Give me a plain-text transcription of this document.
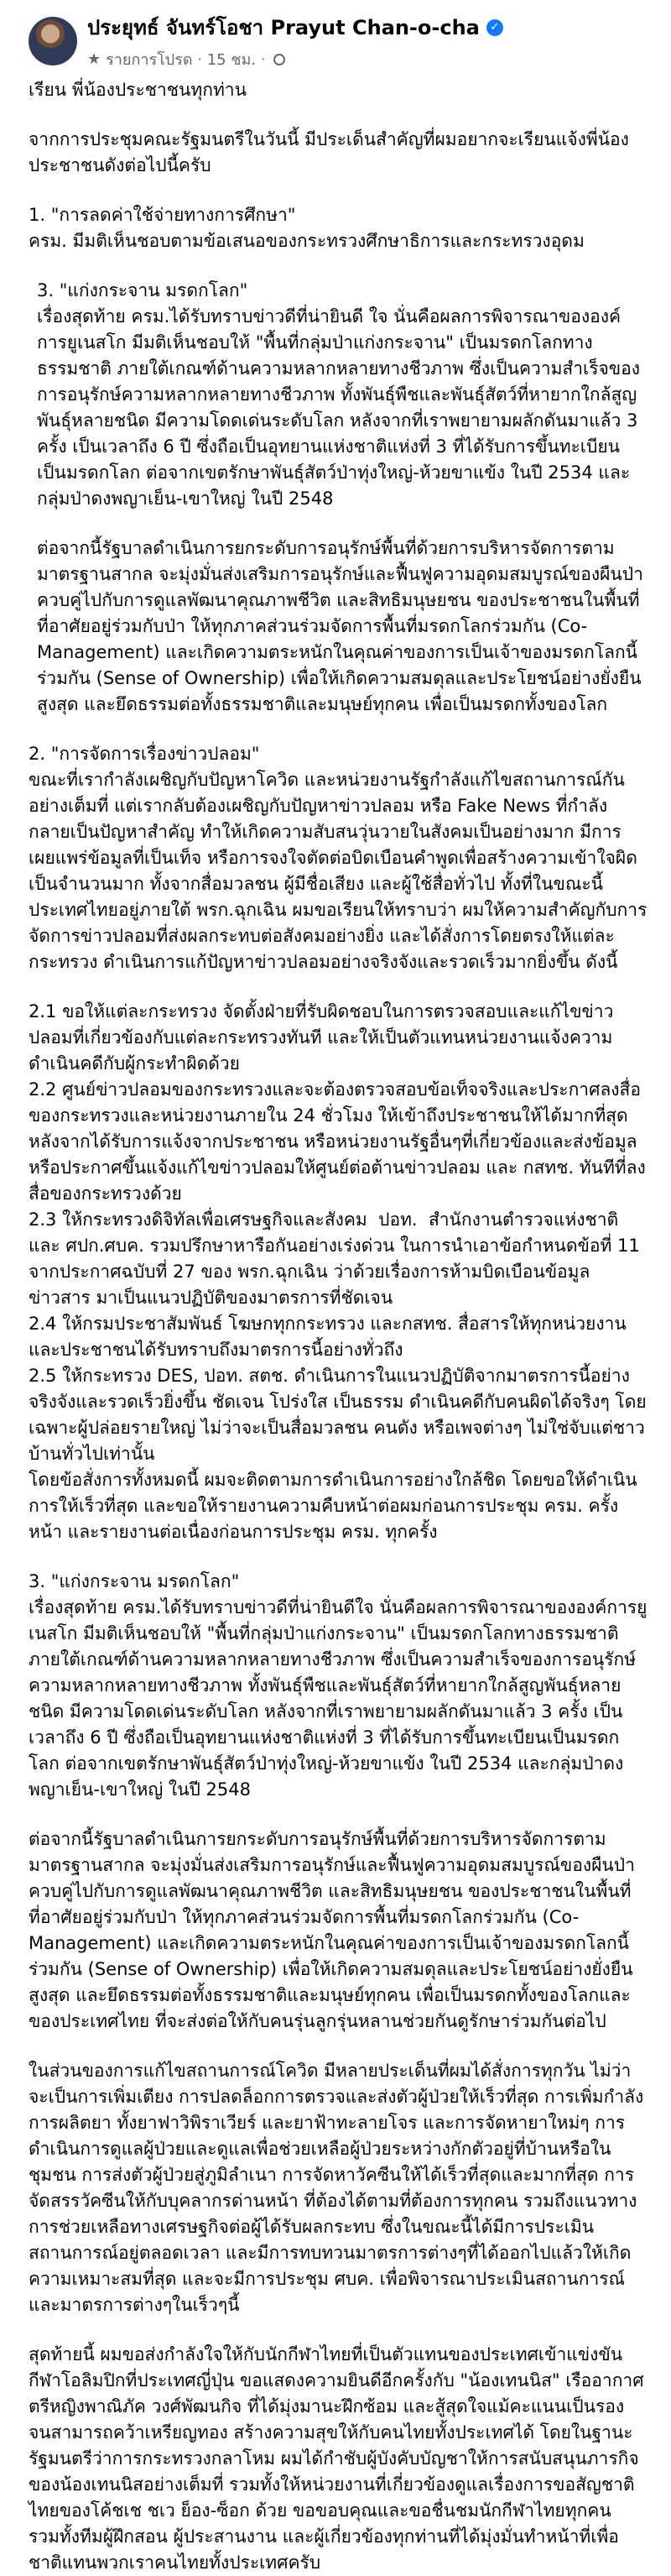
ประยุทธ์ จันทร์โอชา Prayut Chan-o-cha ✓
★ รายการโปรด · 15 ชม. ·

เรียน พี่น้องประชาชนทุกท่าน

จากการประชุมคณะรัฐมนตรีในวันนี้ มีประเด็นสำคัญที่ผมอยากจะเรียนแจ้งพี่น้องประชาชนดังต่อไปนี้ครับ

1. "การลดค่าใช้จ่ายทางการศึกษา"

ครม. มีมติเห็นชอบตามข้อเสนอของกระทรวงศึกษาธิการและกระทรวงอุดม

3. "แก่งกระจาน มรดกโลก"

เรื่องสุดท้าย ครม.ได้รับทราบข่าวดีที่น่ายินดี ใจ นั่นคือผลการพิจารณาขององค์การยูเนสโก มีมติเห็นชอบให้ "พื้นที่กลุ่มป่าแก่งกระจาน" เป็นมรดกโลกทางธรรมชาติ ภายใต้เกณฑ์ด้านความหลากหลายทางชีวภาพ ซึ่งเป็นความสำเร็จของการอนุรักษ์ความหลากหลายทางชีวภาพ ทั้งพันธุ์พืชและพันธุ์สัตว์ที่หายากใกล้สูญพันธุ์หลายชนิด มีความโดดเด่นระดับโลก หลังจากที่เราพยายามผลักดันมาแล้ว 3 ครั้ง เป็นเวลาถึง 6 ปี ซึ่งถือเป็นอุทยานแห่งชาติแห่งที่ 3 ที่ได้รับการขึ้นทะเบียนเป็นมรดกโลก ต่อจากเขตรักษาพันธุ์สัตว์ป่าทุ่งใหญ่-ห้วยขาแข้ง ในปี 2534 และกลุ่มป่าดงพญาเย็น-เขาใหญ่ ในปี 2548

ต่อจากนี้รัฐบาลดำเนินการยกระดับการอนุรักษ์พื้นที่ด้วยการบริหารจัดการตามมาตรฐานสากล จะมุ่งมั่นส่งเสริมการอนุรักษ์และฟื้นฟูความอุดมสมบูรณ์ของผืนป่า ควบคู่ไปกับการดูแลพัฒนาคุณภาพชีวิต และสิทธิมนุษยชน ของประชาชนในพื้นที่ ที่อาศัยอยู่ร่วมกับป่า ให้ทุกภาคส่วนร่วมจัดการพื้นที่มรดกโลกร่วมกัน (Co-Management) และเกิดความตระหนักในคุณค่าของการเป็นเจ้าของมรดกโลกนี้ร่วมกัน (Sense of Ownership) เพื่อให้เกิดความสมดุลและประโยชน์อย่างยั่งยืนสูงสุด และยึดธรรมต่อทั้งธรรมชาติและมนุษย์ทุกคน เพื่อเป็นมรดกทั้งของโลก

2. "การจัดการเรื่องข่าวปลอม"

ขณะที่เรากำลังเผชิญกับปัญหาโควิด และหน่วยงานรัฐกำลังแก้ไขสถานการณ์กันอย่างเต็มที่ แต่เรากลับต้องเผชิญกับปัญหาข่าวปลอม หรือ Fake News ที่กำลังกลายเป็นปัญหาสำคัญ ทำให้เกิดความสับสนวุ่นวายในสังคมเป็นอย่างมาก มีการเผยแพร่ข้อมูลที่เป็นเท็จ หรือการจงใจตัดต่อบิดเบือนคำพูดเพื่อสร้างความเข้าใจผิดเป็นจำนวนมาก ทั้งจากสื่อมวลชน ผู้มีชื่อเสียง และผู้ใช้สื่อทั่วไป ทั้งที่ในขณะนี้ประเทศไทยอยู่ภายใต้ พรก.ฉุกเฉิน ผมขอเรียนให้ทราบว่า ผมให้ความสำคัญกับการจัดการข่าวปลอมที่ส่งผลกระทบต่อสังคมอย่างยิ่ง และได้สั่งการโดยตรงให้แต่ละกระทรวง ดำเนินการแก้ปัญหาข่าวปลอมอย่างจริงจังและรวดเร็วมากยิ่งขึ้น ดังนี้

2.1 ขอให้แต่ละกระทรวง จัดตั้งฝ่ายที่รับผิดชอบในการตรวจสอบและแก้ไขข่าวปลอมที่เกี่ยวข้องกับแต่ละกระทรวงทันที และให้เป็นตัวแทนหน่วยงานแจ้งความดำเนินคดีกับผู้กระทำผิดด้วย

2.2 ศูนย์ข่าวปลอมของกระทรวงและจะต้องตรวจสอบข้อเท็จจริงและประกาศลงสื่อของกระทรวงและหน่วยงานภายใน 24 ชั่วโมง ให้เข้าถึงประชาชนให้ได้มากที่สุด หลังจากได้รับการแจ้งจากประชาชน หรือหน่วยงานรัฐอื่นๆที่เกี่ยวข้องและส่งข้อมูลหรือประกาศขึ้นแจ้งแก้ไขข่าวปลอมให้ศูนย์ต่อต้านข่าวปลอม และ กสทช. ทันทีที่ลงสื่อของกระทรวงด้วย

2.3 ให้กระทรวงดิจิทัลเพื่อเศรษฐกิจและสังคม  ปอท.  สำนักงานตำรวจแห่งชาติ และ ศปก.ศบค. รวมปรึกษาหารือกันอย่างเร่งด่วน ในการนำเอาข้อกำหนดข้อที่ 11 จากประกาศฉบับที่ 27 ของ พรก.ฉุกเฉิน ว่าด้วยเรื่องการห้ามบิดเบือนข้อมูลข่าวสาร มาเป็นแนวปฏิบัติของมาตรการที่ชัดเจน

2.4 ให้กรมประชาสัมพันธ์ โฆษกทุกกระทรวง และกสทช. สื่อสารให้ทุกหน่วยงานและประชาชนได้รับทราบถึงมาตรการนี้อย่างทั่วถึง

2.5 ให้กระทรวง DES, ปอท. สตช. ดำเนินการในแนวปฏิบัติจากมาตรการนี้อย่างจริงจังและรวดเร็วยิ่งขึ้น ชัดเจน โปร่งใส เป็นธรรม ดำเนินคดีกับคนผิดได้จริงๆ โดยเฉพาะผู้ปล่อยรายใหญ่ ไม่ว่าจะเป็นสื่อมวลชน คนดัง หรือเพจต่างๆ ไม่ใช่จับแต่ชาวบ้านทั่วไปเท่านั้น

โดยข้อสั่งการทั้งหมดนี้ ผมจะติดตามการดำเนินการอย่างใกล้ชิด โดยขอให้ดำเนินการให้เร็วที่สุด และขอให้รายงานความคืบหน้าต่อผมก่อนการประชุม ครม. ครั้งหน้า และรายงานต่อเนื่องก่อนการประชุม ครม. ทุกครั้ง

3. "แก่งกระจาน มรดกโลก"

เรื่องสุดท้าย ครม.ได้รับทราบข่าวดีที่น่ายินดีใจ นั่นคือผลการพิจารณาขององค์การยูเนสโก มีมติเห็นชอบให้ "พื้นที่กลุ่มป่าแก่งกระจาน" เป็นมรดกโลกทางธรรมชาติ ภายใต้เกณฑ์ด้านความหลากหลายทางชีวภาพ ซึ่งเป็นความสำเร็จของการอนุรักษ์ความหลากหลายทางชีวภาพ ทั้งพันธุ์พืชและพันธุ์สัตว์ที่หายากใกล้สูญพันธุ์หลายชนิด มีความโดดเด่นระดับโลก หลังจากที่เราพยายามผลักดันมาแล้ว 3 ครั้ง เป็นเวลาถึง 6 ปี ซึ่งถือเป็นอุทยานแห่งชาติแห่งที่ 3 ที่ได้รับการขึ้นทะเบียนเป็นมรดกโลก ต่อจากเขตรักษาพันธุ์สัตว์ป่าทุ่งใหญ่-ห้วยขาแข้ง ในปี 2534 และกลุ่มป่าดงพญาเย็น-เขาใหญ่ ในปี 2548

ต่อจากนี้รัฐบาลดำเนินการยกระดับการอนุรักษ์พื้นที่ด้วยการบริหารจัดการตามมาตรฐานสากล จะมุ่งมั่นส่งเสริมการอนุรักษ์และฟื้นฟูความอุดมสมบูรณ์ของผืนป่า ควบคู่ไปกับการดูแลพัฒนาคุณภาพชีวิต และสิทธิมนุษยชน ของประชาชนในพื้นที่ ที่อาศัยอยู่ร่วมกับป่า ให้ทุกภาคส่วนร่วมจัดการพื้นที่มรดกโลกร่วมกัน (Co-Management) และเกิดความตระหนักในคุณค่าของการเป็นเจ้าของมรดกโลกนี้ร่วมกัน (Sense of Ownership) เพื่อให้เกิดความสมดุลและประโยชน์อย่างยั่งยืนสูงสุด และยึดธรรมต่อทั้งธรรมชาติและมนุษย์ทุกคน เพื่อเป็นมรดกทั้งของโลกและของประเทศไทย ที่จะส่งต่อให้กับคนรุ่นลูกรุ่นหลานช่วยกันดูรักษาร่วมกันต่อไป

ในส่วนของการแก้ไขสถานการณ์โควิด มีหลายประเด็นที่ผมได้สั่งการทุกวัน ไม่ว่าจะเป็นการเพิ่มเตียง การปลดล็อกการตรวจและส่งตัวผู้ป่วยให้เร็วที่สุด การเพิ่มกำลังการผลิตยา ทั้งยาฟาวิพิราเวียร์ และยาฟ้าทะลายโจร และการจัดหายาใหม่ๆ การดำเนินการดูแลผู้ป่วยและดูแลเพื่อช่วยเหลือผู้ป่วยระหว่างกักตัวอยู่ที่บ้านหรือในชุมชน การส่งตัวผู้ป่วยสู่ภูมิลำเนา การจัดหาวัคซีนให้ได้เร็วที่สุดและมากที่สุด การจัดสรรวัคซีนให้กับบุคลากรด่านหน้า ที่ต้องได้ตามที่ต้องการทุกคน รวมถึงแนวทางการช่วยเหลือทางเศรษฐกิจต่อผู้ได้รับผลกระทบ ซึ่งในขณะนี้ได้มีการประเมินสถานการณ์อยู่ตลอดเวลา และมีการทบทวนมาตรการต่างๆที่ได้ออกไปแล้วให้เกิดความเหมาะสมที่สุด และจะมีการประชุม ศบค. เพื่อพิจารณาประเมินสถานการณ์และมาตรการต่างๆในเร็วๆนี้

สุดท้ายนี้ ผมขอส่งกำลังใจให้กับนักกีฬาไทยที่เป็นตัวแทนของประเทศเข้าแข่งขันกีฬาโอลิมปิกที่ประเทศญี่ปุ่น ขอแสดงความยินดีอีกครั้งกับ "น้องเทนนิส" เรืออากาศตรีหญิงพาณิภัค วงศ์พัฒนกิจ ที่ได้มุ่งมานะฝึกซ้อม และสู้สุดใจแม้คะแนนเป็นรอง จนสามารถคว้าเหรียญทอง สร้างความสุขให้กับคนไทยทั้งประเทศได้ โดยในฐานะรัฐมนตรีว่าการกระทรวงกลาโหม ผมได้กำชับผู้บังคับบัญชาให้การสนับสนุนภารกิจของน้องเทนนิสอย่างเต็มที่ รวมทั้งให้หน่วยงานที่เกี่ยวข้องดูแลเรื่องการขอสัญชาติไทยของโค้ชเช ชเว ย็อง-ซ็อก ด้วย ขอขอบคุณและขอชื่นชมนักกีฬาไทยทุกคน รวมทั้งทีมผู้ฝึกสอน ผู้ประสานงาน และผู้เกี่ยวข้องทุกท่านที่ได้มุ่งมั่นทำหน้าที่เพื่อชาติแทนพวกเราคนไทยทั้งประเทศครับ
